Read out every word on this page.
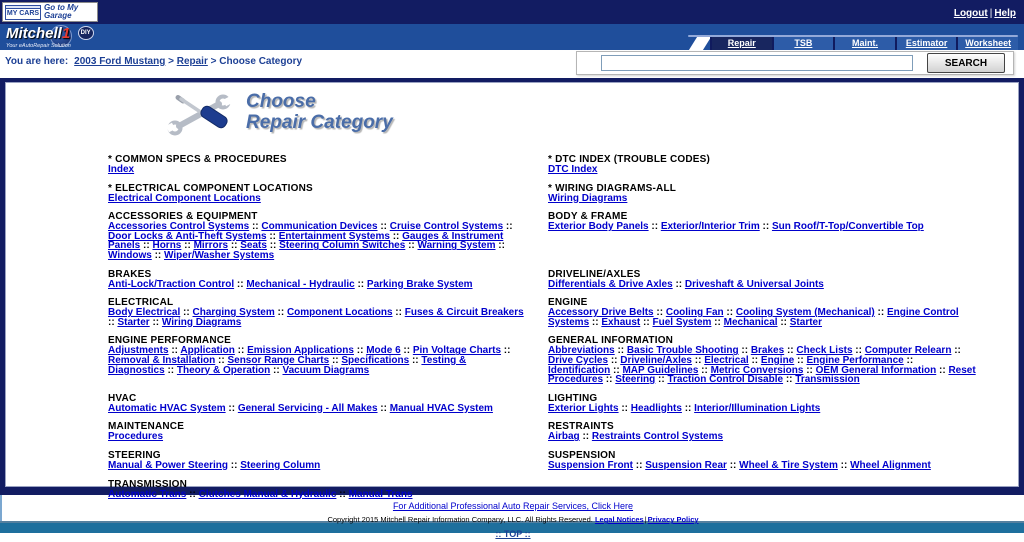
MY CARS
Go to My Garage	Logout | Help
Mitchell1 DIY
Your eAutoRepair Solution	Repair	TSB	Maint.	Estimator	Worksheet
You are here: 2003 Ford Mustang > Repair > Choose Category	SEARCH
Choose
Repair Category
* COMMON SPECS & PROCEDURES
Index

* DTC INDEX (TROUBLE CODES)
DTC Index

* ELECTRICAL COMPONENT LOCATIONS
Electrical Component Locations

* WIRING DIAGRAMS-ALL
Wiring Diagrams

ACCESSORIES & EQUIPMENT
Accessories Control Systems :: Communication Devices :: Cruise Control Systems :: Door Locks & Anti-Theft Systems :: Entertainment Systems :: Gauges & Instrument Panels :: Horns :: Mirrors :: Seats :: Steering Column Switches :: Warning System :: Windows :: Wiper/Washer Systems

BODY & FRAME
Exterior Body Panels :: Exterior/Interior Trim :: Sun Roof/T-Top/Convertible Top

BRAKES
Anti-Lock/Traction Control :: Mechanical - Hydraulic :: Parking Brake System

DRIVELINE/AXLES
Differentials & Drive Axles :: Driveshaft & Universal Joints

ELECTRICAL
Body Electrical :: Charging System :: Component Locations :: Fuses & Circuit Breakers :: Starter :: Wiring Diagrams

ENGINE
Accessory Drive Belts :: Cooling Fan :: Cooling System (Mechanical) :: Engine Control Systems :: Exhaust :: Fuel System :: Mechanical :: Starter

ENGINE PERFORMANCE
Adjustments :: Application :: Emission Applications :: Mode 6 :: Pin Voltage Charts :: Removal & Installation :: Sensor Range Charts :: Specifications :: Testing & Diagnostics :: Theory & Operation :: Vacuum Diagrams

GENERAL INFORMATION
Abbreviations :: Basic Trouble Shooting :: Brakes :: Check Lists :: Computer Relearn :: Drive Cycles :: Driveline/Axles :: Electrical :: Engine :: Engine Performance :: Identification :: MAP Guidelines :: Metric Conversions :: OEM General Information :: Reset Procedures :: Steering :: Traction Control Disable :: Transmission

HVAC
Automatic HVAC System :: General Servicing - All Makes :: Manual HVAC System

LIGHTING
Exterior Lights :: Headlights :: Interior/Illumination Lights

MAINTENANCE
Procedures

RESTRAINTS
Airbag :: Restraints Control Systems

STEERING
Manual & Power Steering :: Steering Column

SUSPENSION
Suspension Front :: Suspension Rear :: Wheel & Tire System :: Wheel Alignment

TRANSMISSION
Automatic Trans :: Clutches Manual & Hydraulic :: Manual Trans	

For Additional Professional Auto Repair Services, Click Here
Copyright 2015 Mitchell Repair Information Company, LLC. All Rights Reserved. Legal Notices|Privacy Policy
:: TOP ::
